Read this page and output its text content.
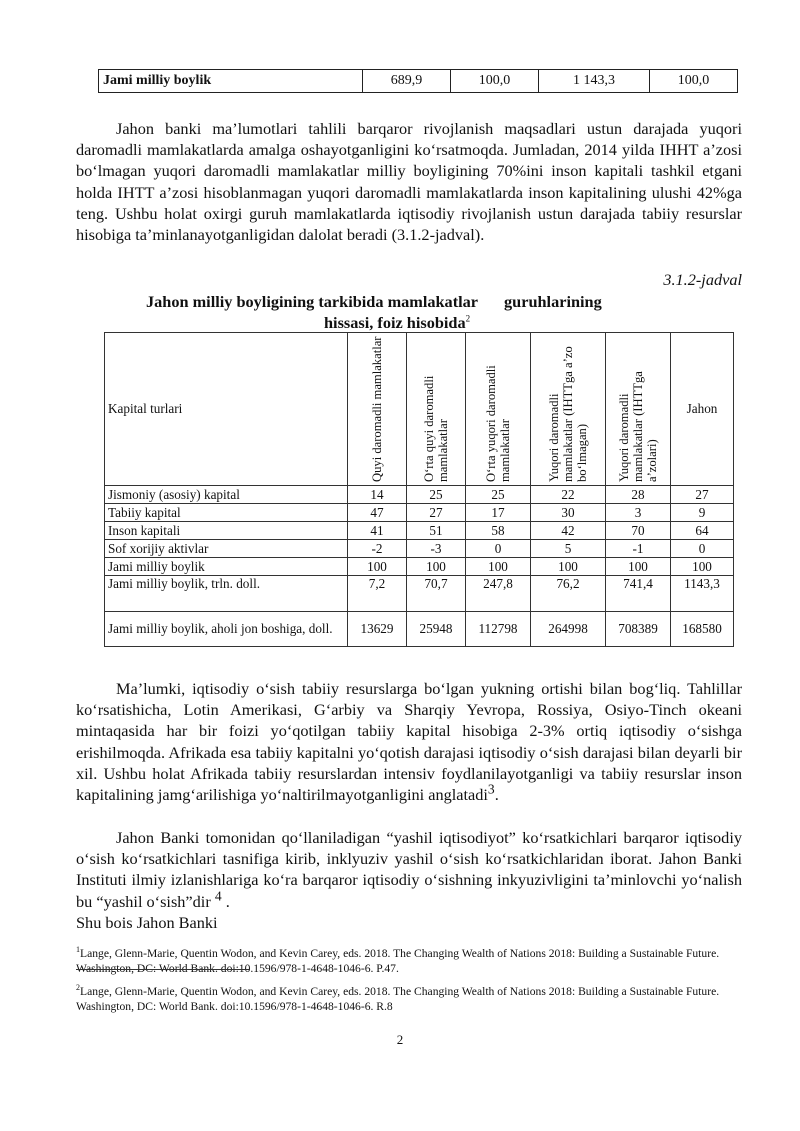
Jami milliy boylik	689,9	100,0	1 143,3	100,0
Jahon banki ma’lumotlari tahlili barqaror rivojlanish maqsadlari ustun darajada yuqori daromadli mamlakatlarda amalga oshayotganligini ko‘rsatmoqda. Jumladan, 2014 yilda IHHT a’zosi bo‘lmagan yuqori daromadli mamlakatlar milliy boyligining 70%ini inson kapitali tashkil etgani holda IHTT a’zosi hisoblanmagan yuqori daromadli mamlakatlarda inson kapitalining ulushi 42%ga teng. Ushbu holat oxirgi guruh mamlakatlarda iqtisodiy rivojlanish ustun darajada tabiiy resurslar hisobiga ta’minlanayotganligidan dalolat beradi (3.1.2-jadval).
3.1.2-jadval
Jahon milliy boyligining tarkibida mamlakatlar guruhlarining
hissasi, foiz hisobida$^2$
Kapital turlari	Quyi daromadli mamlakatlar	O‘rta quyi daromadli mamlakatlar	O‘rta yuqori daromadli mamlakatlar	Yuqori daromadli mamlakatlar (IHTTga a’zo bo‘lmagan)	Yuqori daromadli mamlakatlar (IHTTga a’zolari)	Jahon
Jismoniy (asosiy) kapital	14	25	25	22	28	27
Tabiiy kapital	47	27	17	30	3	9
Inson kapitali	41	51	58	42	70	64
Sof xorijiy aktivlar	-2	-3	0	5	-1	0
Jami milliy boylik	100	100	100	100	100	100
Jami milliy boylik, trln. doll.	7,2	70,7	247,8	76,2	741,4	1143,3
Jami milliy boylik, aholi jon boshiga, doll.	13629	25948	112798	264998	708389	168580
Ma’lumki, iqtisodiy o‘sish tabiiy resurslarga bo‘lgan yukning ortishi bilan bog‘liq. Tahlillar ko‘rsatishicha, Lotin Amerikasi, G‘arbiy va Sharqiy Yevropa, Rossiya, Osiyo-Tinch okeani mintaqasida har bir foizi yo‘qotilgan tabiiy kapital hisobiga 2-3% ortiq iqtisodiy o‘sishga erishilmoqda. Afrikada esa tabiiy kapitalni yo‘qotish darajasi iqtisodiy o‘sish darajasi bilan deyarli bir xil. Ushbu holat Afrikada tabiiy resurslardan intensiv foydlanilayotganligi va tabiiy resurslar inson kapitalining jamg‘arilishiga yo‘naltirilmayotganligini anglatadi$^3$.
Jahon Banki tomonidan qo‘llaniladigan “yashil iqtisodiyot” ko‘rsatkichlari barqaror iqtisodiy o‘sish ko‘rsatkichlari tasnifiga kirib, inklyuziv yashil o‘sish ko‘rsatkichlaridan iborat. Jahon Banki Instituti ilmiy izlanishlariga ko‘ra barqaror iqtisodiy o‘sishning inkyuzivligini ta’minlovchi yo‘nalish bu “yashil o‘sish”dir $^4$ .
Shu bois Jahon Banki

$^1$Lange, Glenn-Marie, Quentin Wodon, and Kevin Carey, eds. 2018. The Changing Wealth of Nations 2018: Building a Sustainable Future. Washington, DC: World Bank. doi:10.1596/978-1-4648-1046-6. P.47.

$^2$Lange, Glenn-Marie, Quentin Wodon, and Kevin Carey, eds. 2018. The Changing Wealth of Nations 2018: Building a Sustainable Future. Washington, DC: World Bank. doi:10.1596/978-1-4648-1046-6. R.8

2
